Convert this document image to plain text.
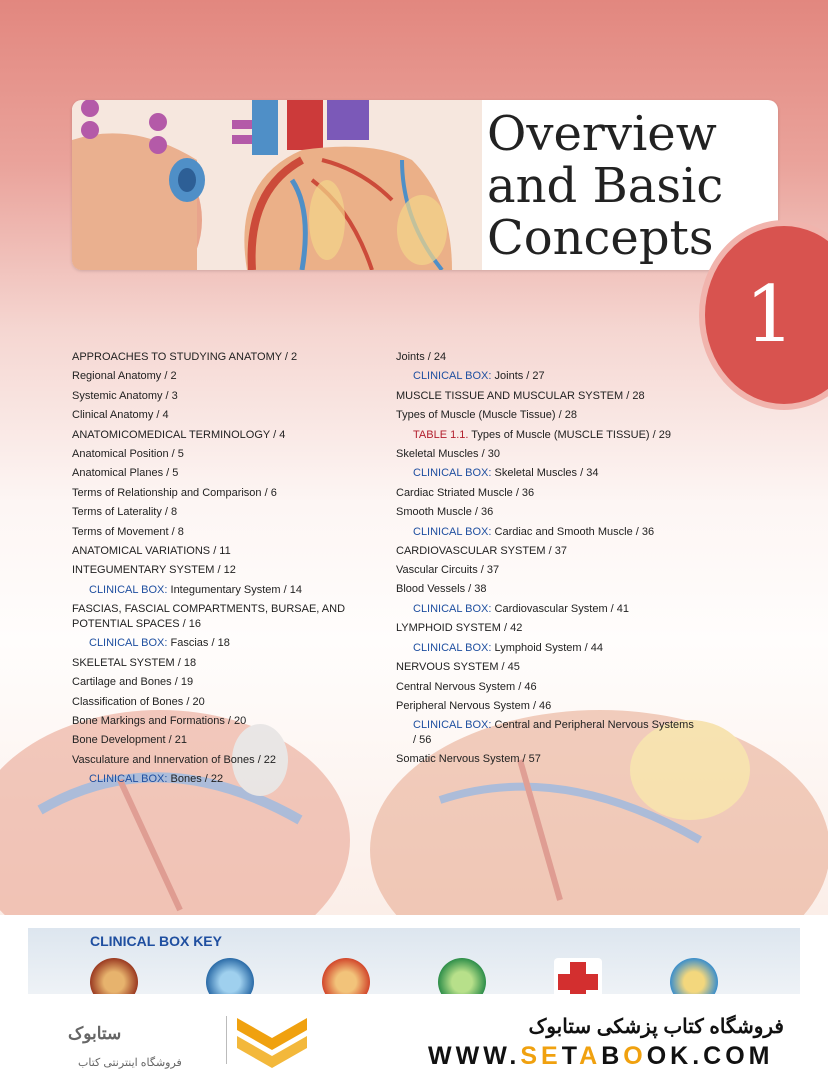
Overview
and Basic
Concepts
1
APPROACHES TO STUDYING ANATOMY / 2
Regional Anatomy / 2
Systemic Anatomy / 3
Clinical Anatomy / 4
ANATOMICOMEDICAL TERMINOLOGY / 4
Anatomical Position / 5
Anatomical Planes / 5
Terms of Relationship and Comparison / 6
Terms of Laterality / 8
Terms of Movement / 8
ANATOMICAL VARIATIONS / 11
INTEGUMENTARY SYSTEM / 12
CLINICAL BOX: Integumentary System / 14
FASCIAS, FASCIAL COMPARTMENTS, BURSAE, AND POTENTIAL SPACES / 16
CLINICAL BOX: Fascias / 18
SKELETAL SYSTEM / 18
Cartilage and Bones / 19
Classification of Bones / 20
Bone Markings and Formations / 20
Bone Development / 21
Vasculature and Innervation of Bones / 22
CLINICAL BOX: Bones / 22
Joints / 24
CLINICAL BOX: Joints / 27
MUSCLE TISSUE AND MUSCULAR SYSTEM / 28
Types of Muscle (Muscle Tissue) / 28
TABLE 1.1. Types of Muscle (MUSCLE TISSUE) / 29
Skeletal Muscles / 30
CLINICAL BOX: Skeletal Muscles / 34
Cardiac Striated Muscle / 36
Smooth Muscle / 36
CLINICAL BOX: Cardiac and Smooth Muscle / 36
CARDIOVASCULAR SYSTEM / 37
Vascular Circuits / 37
Blood Vessels / 38
CLINICAL BOX: Cardiovascular System / 41
LYMPHOID SYSTEM / 42
CLINICAL BOX: Lymphoid System / 44
NERVOUS SYSTEM / 45
Central Nervous System / 46
Peripheral Nervous System / 46
CLINICAL BOX: Central and Peripheral Nervous Systems / 56
Somatic Nervous System / 57
CLINICAL BOX KEY
ستابوک
فروشگاه اینترنتی کتاب
فروشگاه کتاب پزشکی ستابوک
WWW.SETABOOK.COM
